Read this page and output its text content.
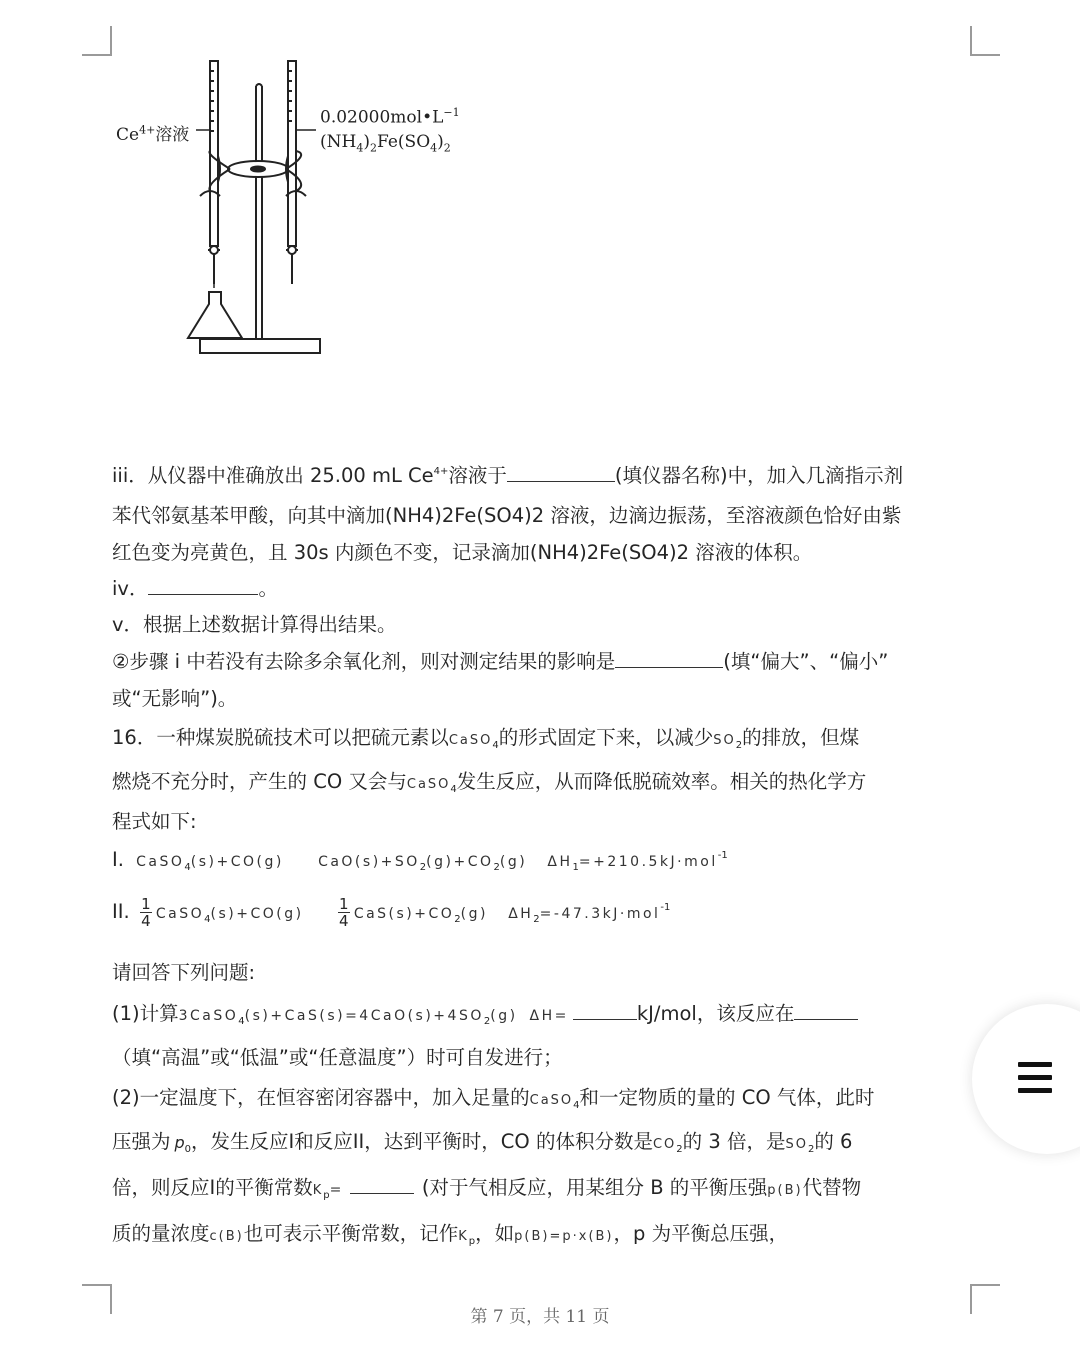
$Ce^{4+}$溶液
$0.02000mol•L^{-1}$
$(NH_4)_2Fe(SO_4)_2$
iii．从仪器中准确放出 25.00 mL $Ce^{4+}$溶液于	(填仪器名称)中，加入几滴指示剂
苯代邻氨基苯甲酸，向其中滴加(NH4)2Fe(SO4)2 溶液，边滴边振荡，至溶液颜色恰好由紫
红色变为亮黄色，且 30s 内颜色不变，记录滴加(NH4)2Fe(SO4)2 溶液的体积。
iv．	。
v．根据上述数据计算得出结果。
②步骤 i 中若没有去除多余氧化剂，则对测定结果的影响是	(填“偏大”、“偏小”
或“无影响”)。
16．一种煤炭脱硫技术可以把硫元素以CaSO$_4$的形式固定下来，以减少$SO_2$的排放，但煤
燃烧不充分时，产生的 CO 又会与CaSO$_4$发生反应，从而降低脱硫效率。相关的热化学方
程式如下:
I. CaSO$_4$(s)+CO(g) $CaO(s)+SO_2(g)+CO_2(g)$ $\Delta H_1=+210.5kJ\cdot mol^{-1}$
II. $\frac{1}{4}$ CaSO$_4$(s)+CO(g) $\frac{1}{4} CaS(s)+CO_2(g)$ $\Delta H_2=-47.3kJ\cdot mol^{-1}$
请回答下列问题:
(1)计算$3CaSO_4(s)+CaS(s)=4CaO(s)+4SO_2(g)$ ΔH=	kJ/mol，该反应在
（填“高温”或“低温”或“任意温度”）时可自发进行；
(2)一定温度下，在恒容密闭容器中，加入足量的CaSO$_4$和一定物质的量的 CO 气体，此时
压强为 $p_0$，发生反应I和反应II，达到平衡时，CO 的体积分数是$CO_2$的 3 倍，是$SO_2$的 6
倍，则反应I的平衡常数$K_p=$	(对于气相反应，用某组分 B 的平衡压强p(B)代替物
质的量浓度c(B)也可表示平衡常数，记作$K_p$，如p(B)=p·x(B)，p 为平衡总压强，
第 7 页，共 11 页
